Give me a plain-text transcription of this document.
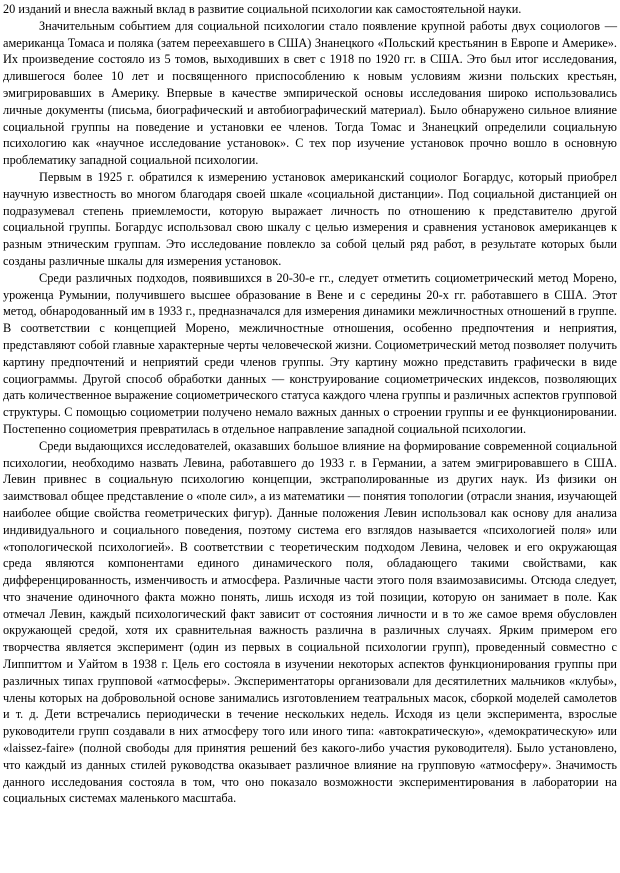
20 изданий и внесла важный вклад в развитие социальной психологии как самостоятельной науки.

Значительным событием для социальной психологии стало появление крупной работы двух социологов — американца Томаса и поляка (затем переехавшего в США) Знанецкого «Польский крестьянин в Европе и Америке». Их произведение состояло из 5 томов, выходивших в свет с 1918 по 1920 гг. в США. Это был итог исследования, длившегося более 10 лет и посвященного приспособлению к новым условиям жизни польских крестьян, эмигрировавших в Америку. Впервые в качестве эмпирической основы исследования широко использовались личные документы (письма, биографический и автобиографический материал). Было обнаружено сильное влияние социальной группы на поведение и установки ее членов. Тогда Томас и Знанецкий определили социальную психологию как «научное исследование установок». С тех пор изучение установок прочно вошло в основную проблематику западной социальной психологии.

Первым в 1925 г. обратился к измерению установок американский социолог Богардус, который приобрел научную известность во многом благодаря своей шкале «социальной дистанции». Под социальной дистанцией он подразумевал степень приемлемости, которую выражает личность по отношению к представителю другой социальной группы. Богардус использовал свою шкалу с целью измерения и сравнения установок американцев к разным этническим группам. Это исследование повлекло за собой целый ряд работ, в результате которых были созданы различные шкалы для измерения установок.

Среди различных подходов, появившихся в 20-30-е гг., следует отметить социометрический метод Морено, уроженца Румынии, получившего высшее образование в Вене и с середины 20-х гг. работавшего в США. Этот метод, обнародованный им в 1933 г., предназначался для измерения динамики межличностных отношений в группе. В соответствии с концепцией Морено, межличностные отношения, особенно предпочтения и неприятия, представляют собой главные характерные черты человеческой жизни. Социометрический метод позволяет получить картину предпочтений и неприятий среди членов группы. Эту картину можно представить графически в виде социограммы. Другой способ обработки данных — конструирование социометрических индексов, позволяющих дать количественное выражение социометрического статуса каждого члена группы и различных аспектов групповой структуры. С помощью социометрии получено немало важных данных о строении группы и ее функционировании. Постепенно социометрия превратилась в отдельное направление западной социальной психологии.

Среди выдающихся исследователей, оказавших большое влияние на формирование современной социальной психологии, необходимо назвать Левина, работавшего до 1933 г. в Германии, а затем эмигрировавшего в США. Левин привнес в социальную психологию концепции, экстраполированные из других наук. Из физики он заимствовал общее представление о «поле сил», а из математики — понятия топологии (отрасли знания, изучающей наиболее общие свойства геометрических фигур). Данные положения Левин использовал как основу для анализа индивидуального и социального поведения, поэтому система его взглядов называется «психологией поля» или «топологической психологией». В соответствии с теоретическим подходом Левина, человек и его окружающая среда являются компонентами единого динамического поля, обладающего такими свойствами, как дифференцированность, изменчивость и атмосфера. Различные части этого поля взаимозависимы. Отсюда следует, что значение одиночного факта можно понять, лишь исходя из той позиции, которую он занимает в поле. Как отмечал Левин, каждый психологический факт зависит от состояния личности и в то же самое время обусловлен окружающей средой, хотя их сравнительная важность различна в различных случаях. Ярким примером его творчества является эксперимент (один из первых в социальной психологии групп), проведенный совместно с Липпиттом и Уайтом в 1938 г. Цель его состояла в изучении некоторых аспектов функционирования группы при различных типах групповой «атмосферы». Экспериментаторы организовали для десятилетних мальчиков «клубы», члены которых на добровольной основе занимались изготовлением театральных масок, сборкой моделей самолетов и т. д. Дети встречались периодически в течение нескольких недель. Исходя из цели эксперимента, взрослые руководители групп создавали в них атмосферу того или иного типа: «автократическую», «демократическую» или «laissez-faire» (полной свободы для принятия решений без какого-либо участия руководителя). Было установлено, что каждый из данных стилей руководства оказывает различное влияние на групповую «атмосферу». Значимость данного исследования состояла в том, что оно показало возможности экспериментирования в лаборатории на социальных системах маленького масштаба.
